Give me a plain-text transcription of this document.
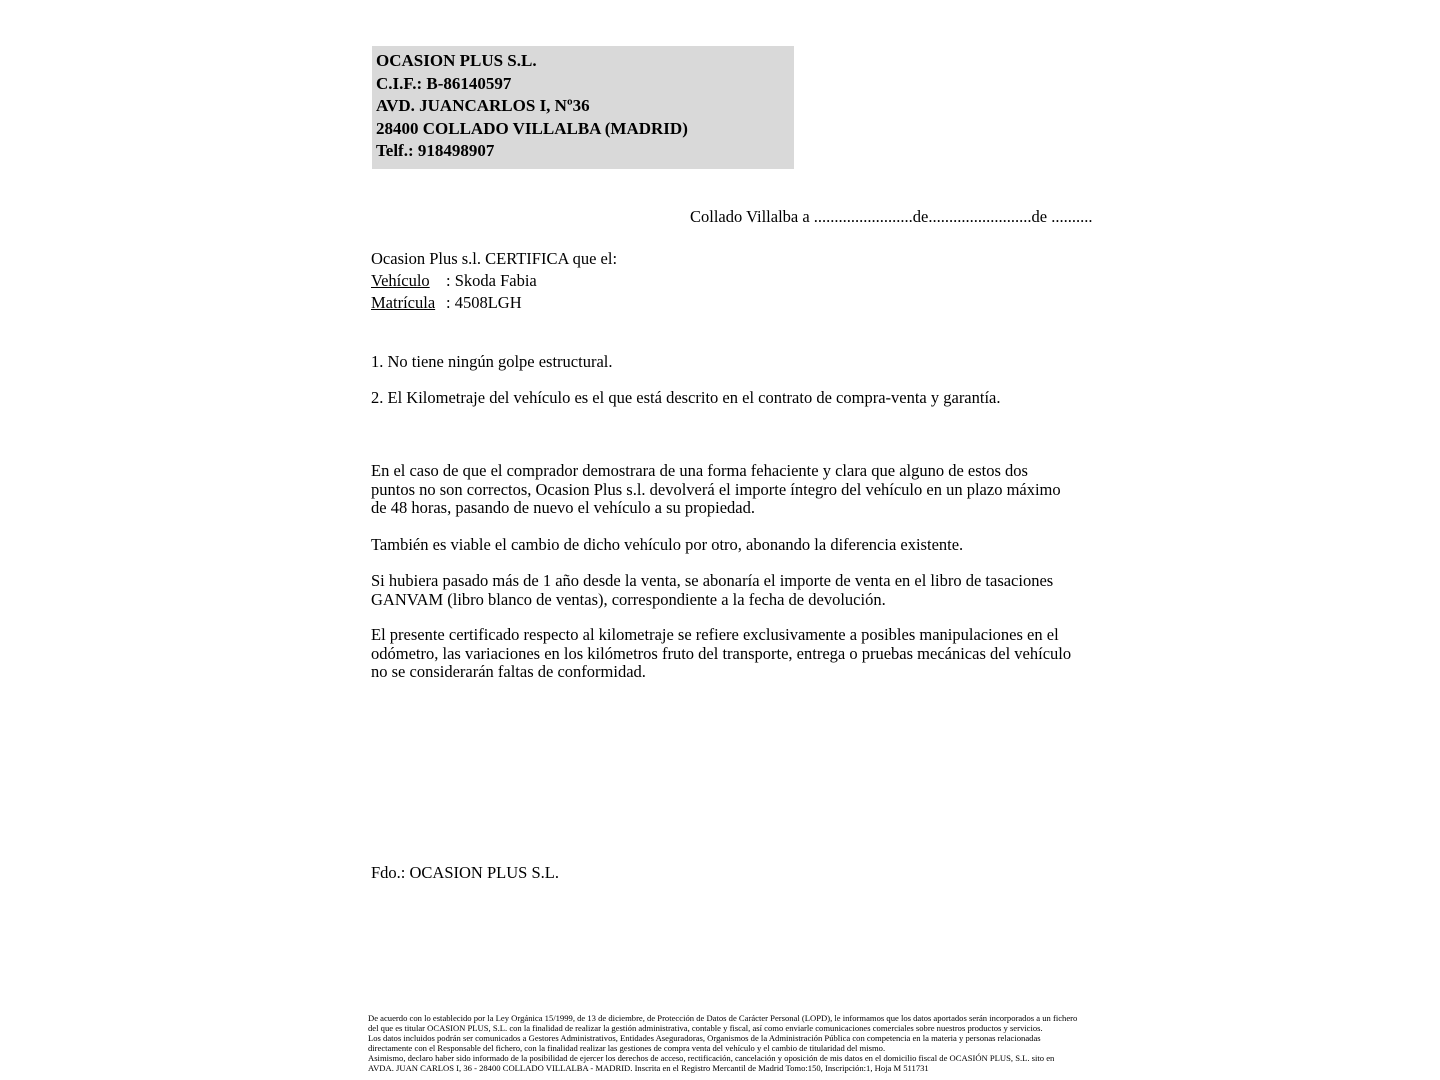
OCASION PLUS S.L.
C.I.F.: B-86140597
AVD. JUANCARLOS I, Nº36
28400 COLLADO VILLALBA (MADRID)
Telf.: 918498907
Collado Villalba a ........................de.........................de ..........
Ocasion Plus s.l. CERTIFICA que el:
Vehículo : Skoda Fabia
Matrícula : 4508LGH
1. No tiene ningún golpe estructural.
2. El Kilometraje del vehículo es el que está descrito en el contrato de compra-venta y garantía.
En el caso de que el comprador demostrara de una forma fehaciente y clara que alguno de estos dos puntos no son correctos, Ocasion Plus s.l. devolverá el importe íntegro del vehículo en un plazo máximo de 48 horas, pasando de nuevo el vehículo a su propiedad.
También es viable el cambio de dicho vehículo por otro, abonando la diferencia existente.
Si hubiera pasado más de 1 año desde la venta, se abonaría el importe de venta en el libro de tasaciones GANVAM (libro blanco de ventas), correspondiente a la fecha de devolución.
El presente certificado respecto al kilometraje se refiere exclusivamente a posibles manipulaciones en el odómetro, las variaciones en los kilómetros fruto del transporte, entrega o pruebas mecánicas del vehículo no se considerarán faltas de conformidad.
Fdo.: OCASION PLUS S.L.

De acuerdo con lo establecido por la Ley Orgánica 15/1999, de 13 de diciembre, de Protección de Datos de Carácter Personal (LOPD), le informamos que los datos aportados serán incorporados a un fichero del que es titular OCASION PLUS, S.L. con la finalidad de realizar la gestión administrativa, contable y fiscal, así como enviarle comunicaciones comerciales sobre nuestros productos y servicios.

Los datos incluidos podrán ser comunicados a Gestores Administrativos, Entidades Aseguradoras, Organismos de la Administración Pública con competencia en la materia y personas relacionadas directamente con el Responsable del fichero, con la finalidad realizar las gestiones de compra venta del vehículo y el cambio de titularidad del mismo.

Asimismo, declaro haber sido informado de la posibilidad de ejercer los derechos de acceso, rectificación, cancelación y oposición de mis datos en el domicilio fiscal de OCASIÓN PLUS, S.L. sito en AVDA. JUAN CARLOS I, 36 - 28400 COLLADO VILLALBA - MADRID. Inscrita en el Registro Mercantil de Madrid Tomo:150, Inscripción:1, Hoja M 511731
